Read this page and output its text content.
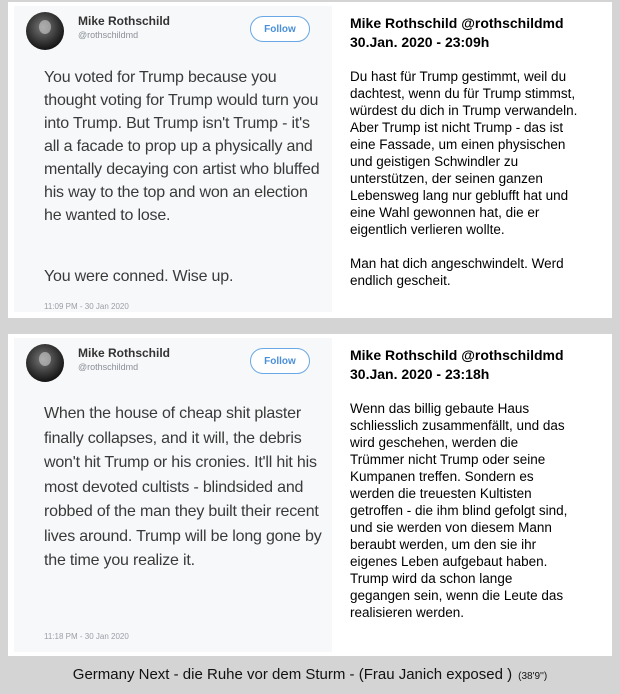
Mike Rothschild
@rothschildmd
Follow
You voted for Trump because you
thought voting for Trump would turn you
into Trump. But Trump isn't Trump - it's
all a facade to prop up a physically and
mentally decaying con artist who bluffed
his way to the top and won an election
he wanted to lose.
You were conned. Wise up.
11:09 PM - 30 Jan 2020
Mike Rothschild @rothschildmd
30.Jan. 2020 - 23:09h
Du hast für Trump gestimmt, weil du
dachtest, wenn du für Trump stimmst,
würdest du dich in Trump verwandeln.
Aber Trump ist nicht Trump - das ist
eine Fassade, um einen physischen
und geistigen Schwindler zu
unterstützen, der seinen ganzen
Lebensweg lang nur geblufft hat und
eine Wahl gewonnen hat, die er
eigentlich verlieren wollte.
Man hat dich angeschwindelt. Werd
endlich gescheit.
Mike Rothschild
@rothschildmd
Follow
When the house of cheap shit plaster
finally collapses, and it will, the debris
won't hit Trump or his cronies. It'll hit his
most devoted cultists - blindsided and
robbed of the man they built their recent
lives around. Trump will be long gone by
the time you realize it.
11:18 PM - 30 Jan 2020
Mike Rothschild @rothschildmd
30.Jan. 2020 - 23:18h
Wenn das billig gebaute Haus
schliesslich zusammenfällt, und das
wird geschehen, werden die
Trümmer nicht Trump oder seine
Kumpanen treffen. Sondern es
werden die treuesten Kultisten
getroffen - die ihm blind gefolgt sind,
und sie werden von diesem Mann
beraubt werden, um den sie ihr
eigenes Leben aufgebaut haben.
Trump wird da schon lange
gegangen sein, wenn die Leute das
realisieren werden.
Germany Next - die Ruhe vor dem Sturm - (Frau Janich exposed ) (38'9'')
